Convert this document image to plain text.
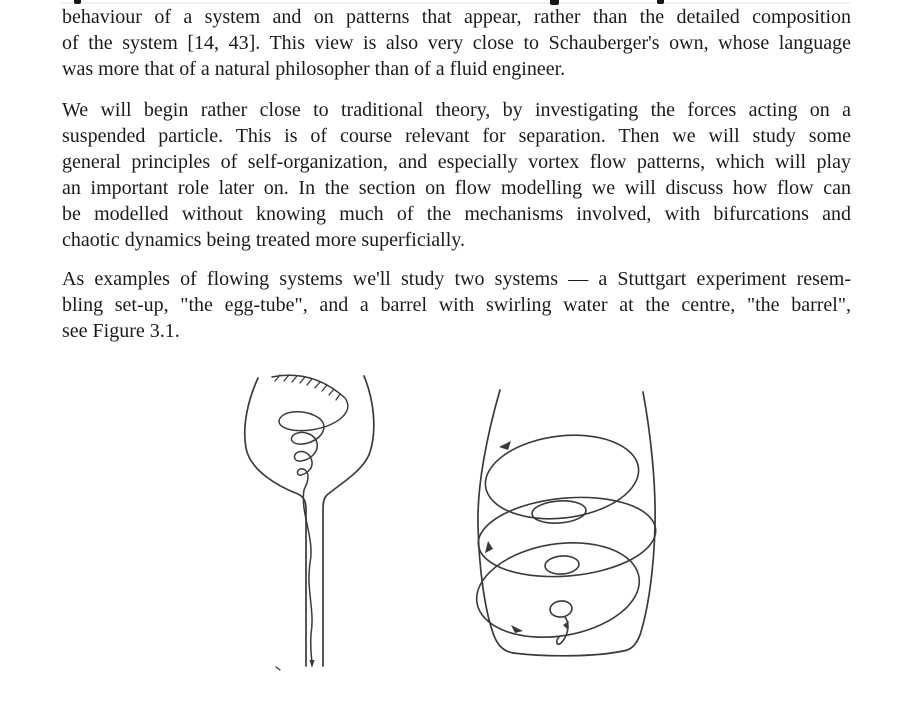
behaviour of a system and on patterns that appear, rather than the detailed composition
of the system [14, 43]. This view is also very close to Schauberger's own, whose language
was more that of a natural philosopher than of a fluid engineer.
We will begin rather close to traditional theory, by investigating the forces acting on a
suspended particle. This is of course relevant for separation. Then we will study some
general principles of self-organization, and especially vortex flow patterns, which will play
an important role later on. In the section on flow modelling we will discuss how flow can
be modelled without knowing much of the mechanisms involved, with bifurcations and
chaotic dynamics being treated more superficially.
As examples of flowing systems we'll study two systems — a Stuttgart experiment resem-
bling set-up, "the egg-tube", and a barrel with swirling water at the centre, "the barrel",
see Figure 3.1.
